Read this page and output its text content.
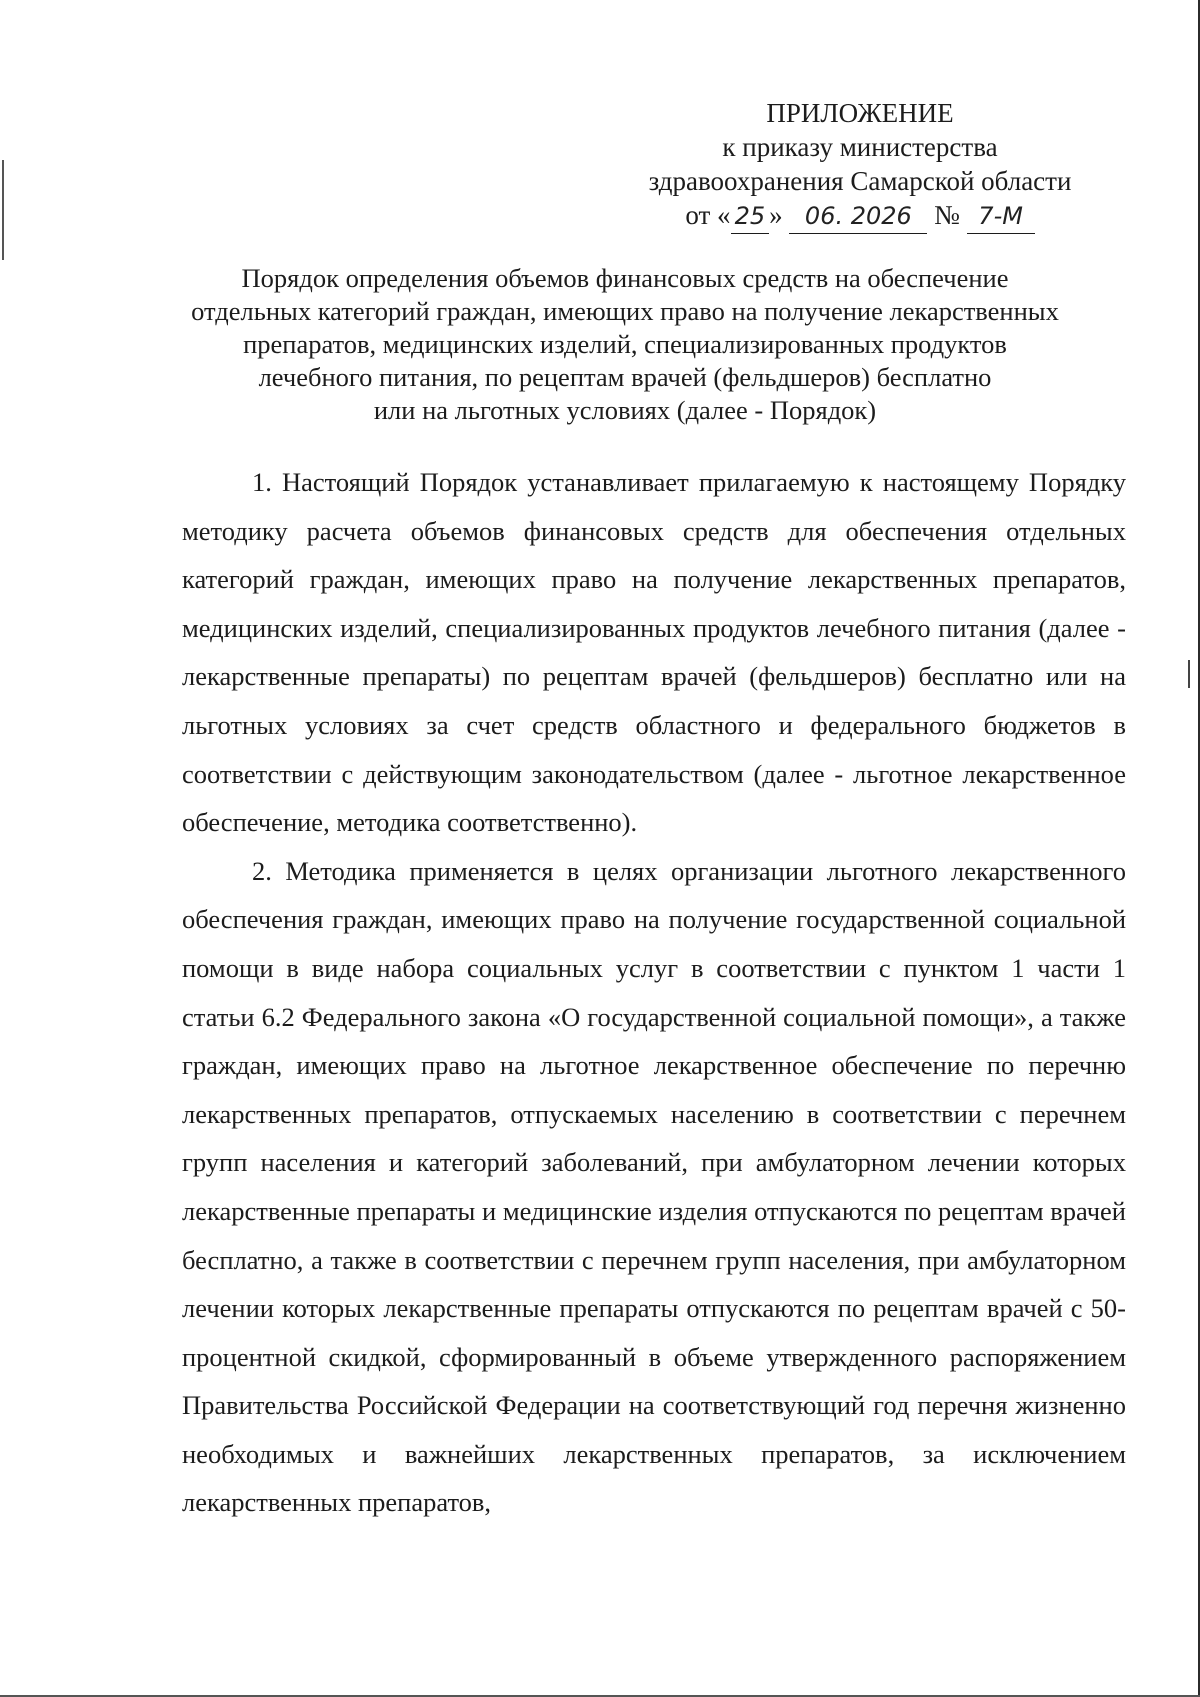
ПРИЛОЖЕНИЕ
к приказу министерства
здравоохранения Самарской области
от « 25 » 06. 2026 № 7-М
Порядок определения объемов финансовых средств на обеспечение
отдельных категорий граждан, имеющих право на получение лекарственных
препаратов, медицинских изделий, специализированных продуктов
лечебного питания, по рецептам врачей (фельдшеров) бесплатно
или на льготных условиях (далее - Порядок)

1. Настоящий Порядок устанавливает прилагаемую к настоящему Порядку методику расчета объемов финансовых средств для обеспечения отдельных категорий граждан, имеющих право на получение лекарственных препаратов, медицинских изделий, специализированных продуктов лечебного питания (далее - лекарственные препараты) по рецептам врачей (фельдшеров) бесплатно или на льготных условиях за счет средств областного и федерального бюджетов в соответствии с действующим законодательством (далее - льготное лекарственное обеспечение, методика соответственно).

2. Методика применяется в целях организации льготного лекарственного обеспечения граждан, имеющих право на получение государственной социальной помощи в виде набора социальных услуг в соответствии с пунктом 1 части 1 статьи 6.2 Федерального закона «О государственной социальной помощи», а также граждан, имеющих право на льготное лекарственное обеспечение по перечню лекарственных препаратов, отпускаемых населению в соответствии с перечнем групп населения и категорий заболеваний, при амбулаторном лечении которых лекарственные препараты и медицинские изделия отпускаются по рецептам врачей бесплатно, а также в соответствии с перечнем групп населения, при амбулаторном лечении которых лекарственные препараты отпускаются по рецептам врачей с 50-процентной скидкой, сформированный в объеме утвержденного распоряжением Правительства Российской Федерации на соответствующий год перечня жизненно необходимых и важнейших лекарственных препаратов, за исключением лекарственных препаратов,
